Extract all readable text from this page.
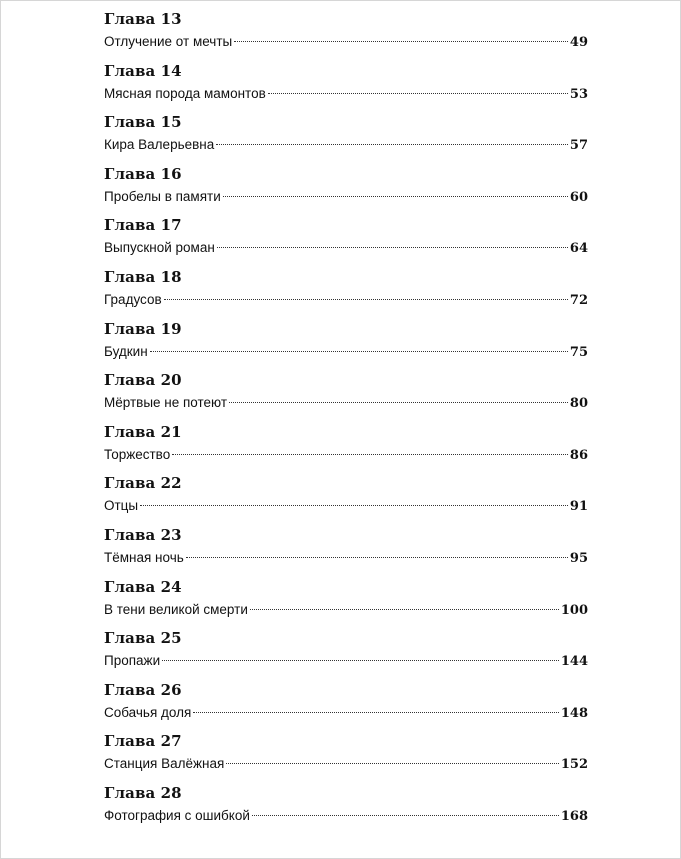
Глава 13
Отлучение от мечты	49
Глава 14
Мясная порода мамонтов	53
Глава 15
Кира Валерьевна	57
Глава 16
Пробелы в памяти	60
Глава 17
Выпускной роман	64
Глава 18
Градусов	72
Глава 19
Будкин	75
Глава 20
Мёртвые не потеют	80
Глава 21
Торжество	86
Глава 22
Отцы	91
Глава 23
Тёмная ночь	95
Глава 24
В тени великой смерти	100
Глава 25
Пропажи	144
Глава 26
Собачья доля	148
Глава 27
Станция Валёжная	152
Глава 28
Фотография с ошибкой	168
